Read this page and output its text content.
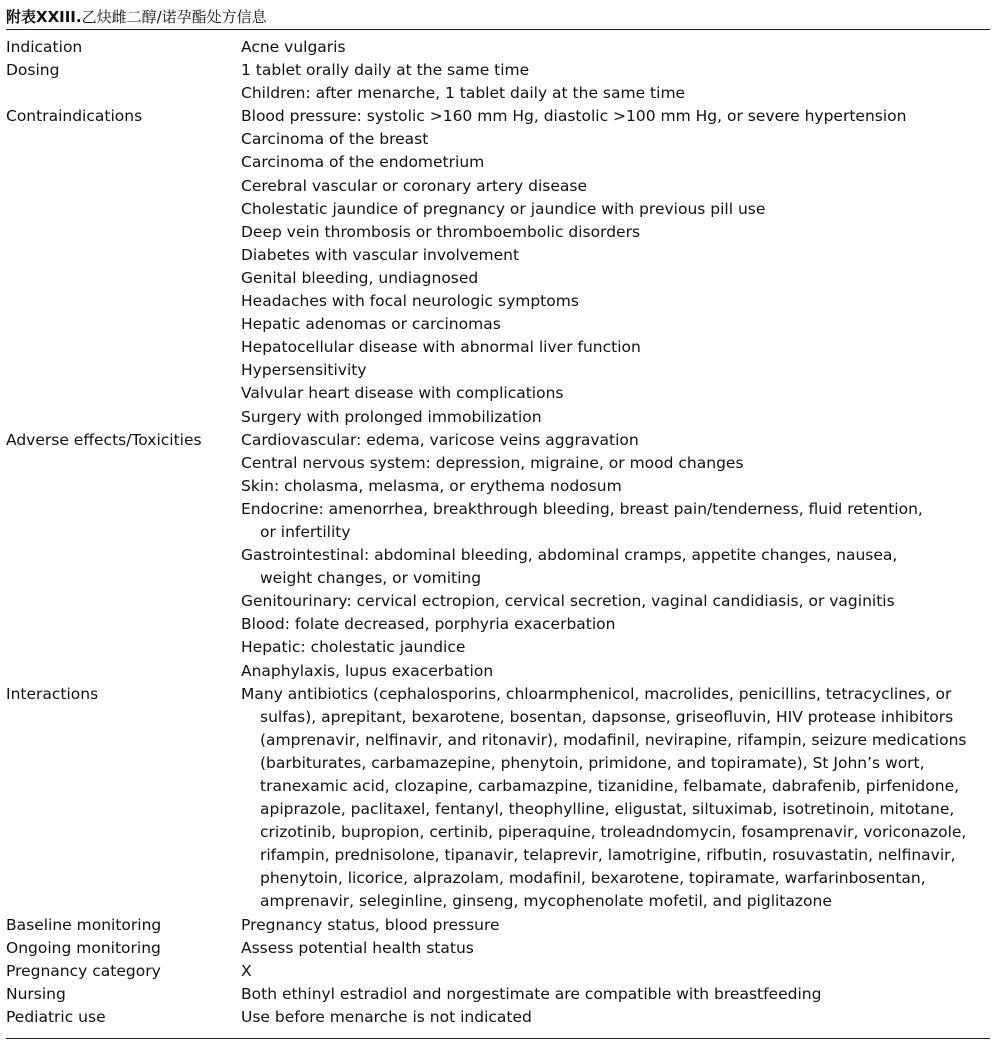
附表XXIII.乙炔雌二醇/诺孕酯处方信息
Indication	Acne vulgaris
Dosing	1 tablet orally daily at the same time
Children: after menarche, 1 tablet daily at the same time
Contraindications	Blood pressure: systolic >160 mm Hg, diastolic >100 mm Hg, or severe hypertension
Carcinoma of the breast
Carcinoma of the endometrium
Cerebral vascular or coronary artery disease
Cholestatic jaundice of pregnancy or jaundice with previous pill use
Deep vein thrombosis or thromboembolic disorders
Diabetes with vascular involvement
Genital bleeding, undiagnosed
Headaches with focal neurologic symptoms
Hepatic adenomas or carcinomas
Hepatocellular disease with abnormal liver function
Hypersensitivity
Valvular heart disease with complications
Surgery with prolonged immobilization
Adverse effects/Toxicities	Cardiovascular: edema, varicose veins aggravation
Central nervous system: depression, migraine, or mood changes
Skin: cholasma, melasma, or erythema nodosum
Endocrine: amenorrhea, breakthrough bleeding, breast pain/tenderness, fluid retention,
or infertility
Gastrointestinal: abdominal bleeding, abdominal cramps, appetite changes, nausea,
weight changes, or vomiting
Genitourinary: cervical ectropion, cervical secretion, vaginal candidiasis, or vaginitis
Blood: folate decreased, porphyria exacerbation
Hepatic: cholestatic jaundice
Anaphylaxis, lupus exacerbation
Interactions	Many antibiotics (cephalosporins, chloarmphenicol, macrolides, penicillins, tetracyclines, or
sulfas), aprepitant, bexarotene, bosentan, dapsonse, griseofluvin, HIV protease inhibitors
(amprenavir, nelfinavir, and ritonavir), modafinil, nevirapine, rifampin, seizure medications
(barbiturates, carbamazepine, phenytoin, primidone, and topiramate), St John’s wort,
tranexamic acid, clozapine, carbamazpine, tizanidine, felbamate, dabrafenib, pirfenidone,
apiprazole, paclitaxel, fentanyl, theophylline, eligustat, siltuximab, isotretinoin, mitotane,
crizotinib, bupropion, certinib, piperaquine, troleadndomycin, fosamprenavir, voriconazole,
rifampin, prednisolone, tipanavir, telaprevir, lamotrigine, rifbutin, rosuvastatin, nelfinavir,
phenytoin, licorice, alprazolam, modafinil, bexarotene, topiramate, warfarinbosentan,
amprenavir, seleginline, ginseng, mycophenolate mofetil, and piglitazone
Baseline monitoring	Pregnancy status, blood pressure
Ongoing monitoring	Assess potential health status
Pregnancy category	X
Nursing	Both ethinyl estradiol and norgestimate are compatible with breastfeeding
Pediatric use	Use before menarche is not indicated
